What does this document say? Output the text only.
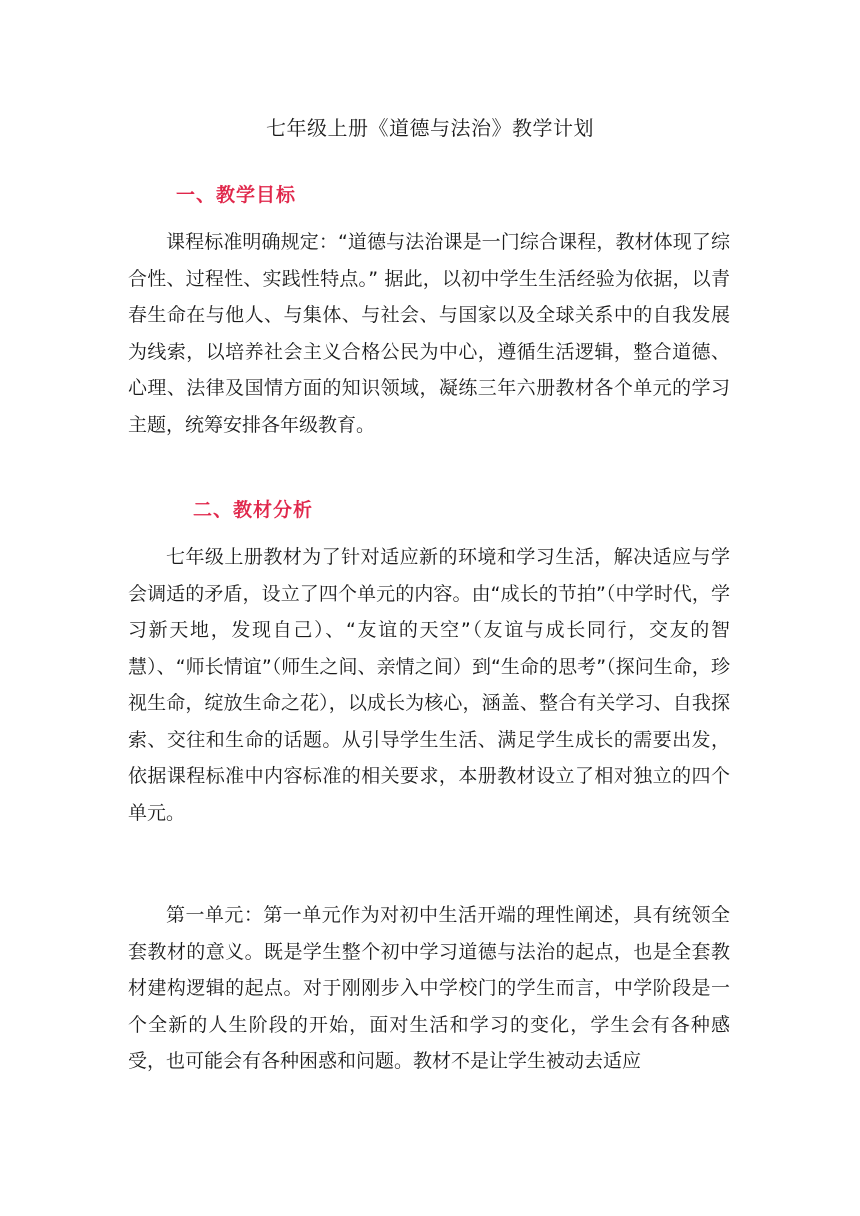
七年级上册《道德与法治》教学计划
一、教学目标

课程标准明确规定：“道德与法治课是一门综合课程，教材体现了综合性、过程性、实践性特点。” 据此，以初中学生生活经验为依据，以青春生命在与他人、与集体、与社会、与国家以及全球关系中的自我发展为线索，以培养社会主义合格公民为中心，遵循生活逻辑，整合道德、心理、法律及国情方面的知识领域，凝练三年六册教材各个单元的学习主题，统筹安排各年级教育。

二、教材分析

七年级上册教材为了针对适应新的环境和学习生活，解决适应与学会调适的矛盾，设立了四个单元的内容。由“成长的节拍”（中学时代，学习新天地，发现自己）、“友谊的天空”（友谊与成长同行，交友的智慧）、“师长情谊”（师生之间、亲情之间）到“生命的思考”（探问生命，珍视生命，绽放生命之花），以成长为核心，涵盖、整合有关学习、自我探索、交往和生命的话题。从引导学生生活、满足学生成长的需要出发，依据课程标准中内容标准的相关要求，本册教材设立了相对独立的四个单元。

第一单元：第一单元作为对初中生活开端的理性阐述，具有统领全套教材的意义。既是学生整个初中学习道德与法治的起点，也是全套教材建构逻辑的起点。对于刚刚步入中学校门的学生而言，中学阶段是一个全新的人生阶段的开始，面对生活和学习的变化，学生会有各种感受，也可能会有各种困惑和问题。教材不是让学生被动去适应
